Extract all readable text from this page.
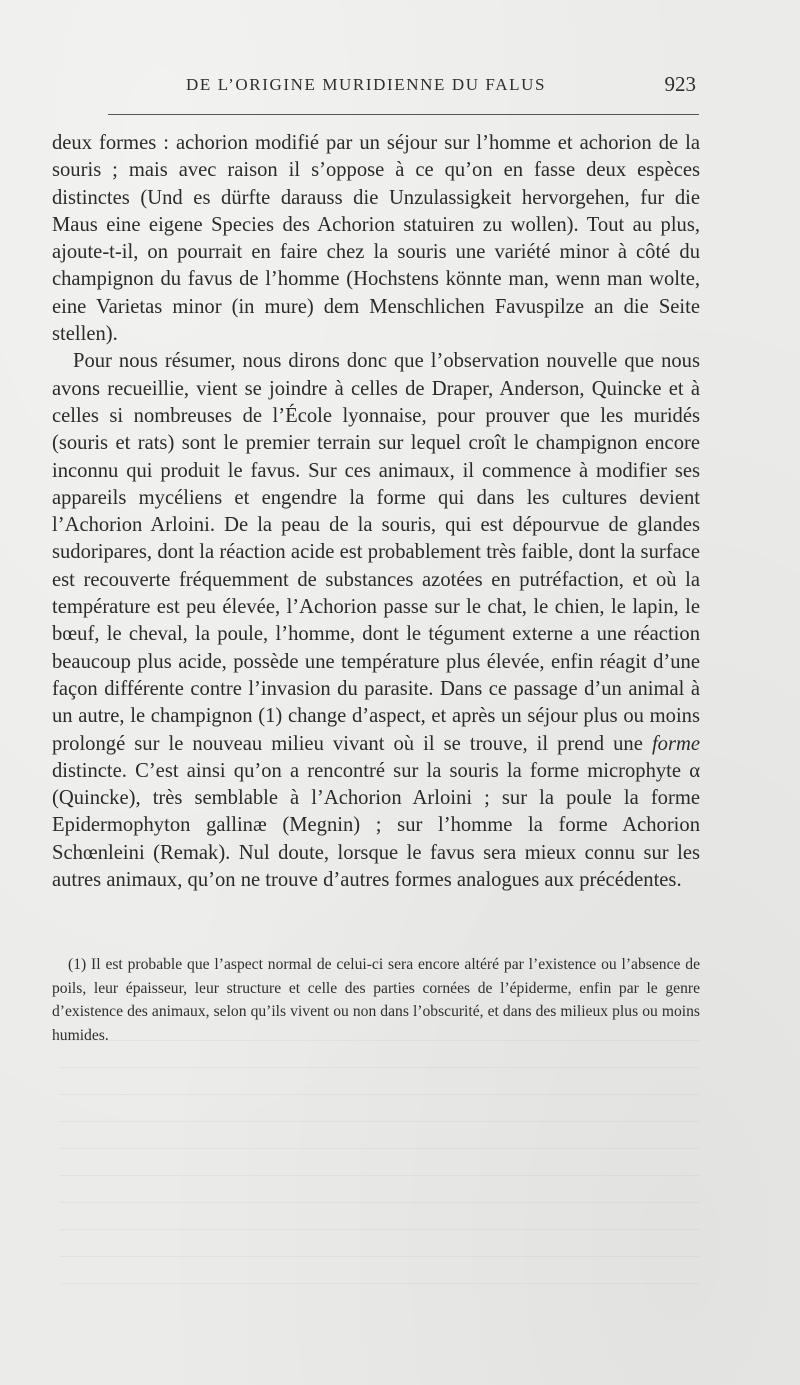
DE L’ORIGINE MURIDIENNE DU FALUS	923

deux formes : achorion modifié par un séjour sur l’homme et achorion de la souris ; mais avec raison il s’oppose à ce qu’on en fasse deux espèces distinctes (Und es dürfte darauss die Unzulassigkeit hervorgehen, fur die Maus eine eigene Species des Achorion statuiren zu wollen). Tout au plus, ajoute-t-il, on pourrait en faire chez la souris une variété minor à côté du champignon du favus de l’homme (Hochstens könnte man, wenn man wolte, eine Varietas minor (in mure) dem Menschlichen Favuspilze an die Seite stellen).

Pour nous résumer, nous dirons donc que l’observation nouvelle que nous avons recueillie, vient se joindre à celles de Draper, Anderson, Quincke et à celles si nombreuses de l’École lyonnaise, pour prouver que les muridés (souris et rats) sont le premier terrain sur lequel croît le champignon encore inconnu qui produit le favus. Sur ces animaux, il commence à modifier ses appareils mycéliens et engendre la forme qui dans les cultures devient l’Achorion Arloini. De la peau de la souris, qui est dépourvue de glandes sudoripares, dont la réaction acide est probablement très faible, dont la surface est recouverte fréquemment de substances azotées en putréfaction, et où la température est peu élevée, l’Achorion passe sur le chat, le chien, le lapin, le bœuf, le cheval, la poule, l’homme, dont le tégument externe a une réaction beaucoup plus acide, possède une température plus élevée, enfin réagit d’une façon différente contre l’invasion du parasite. Dans ce passage d’un animal à un autre, le champignon (1) change d’aspect, et après un séjour plus ou moins prolongé sur le nouveau milieu vivant où il se trouve, il prend une forme distincte. C’est ainsi qu’on a rencontré sur la souris la forme microphyte α (Quincke), très semblable à l’Achorion Arloini ; sur la poule la forme Epidermophyton gallinæ (Megnin) ; sur l’homme la forme Achorion Schœnleini (Remak). Nul doute, lorsque le favus sera mieux connu sur les autres animaux, qu’on ne trouve d’autres formes analogues aux précédentes.

(1) Il est probable que l’aspect normal de celui-ci sera encore altéré par l’existence ou l’absence de poils, leur épaisseur, leur structure et celle des parties cornées de l’épiderme, enfin par le genre d’existence des animaux, selon qu’ils vivent ou non dans l’obscurité, et dans des milieux plus ou moins humides.
